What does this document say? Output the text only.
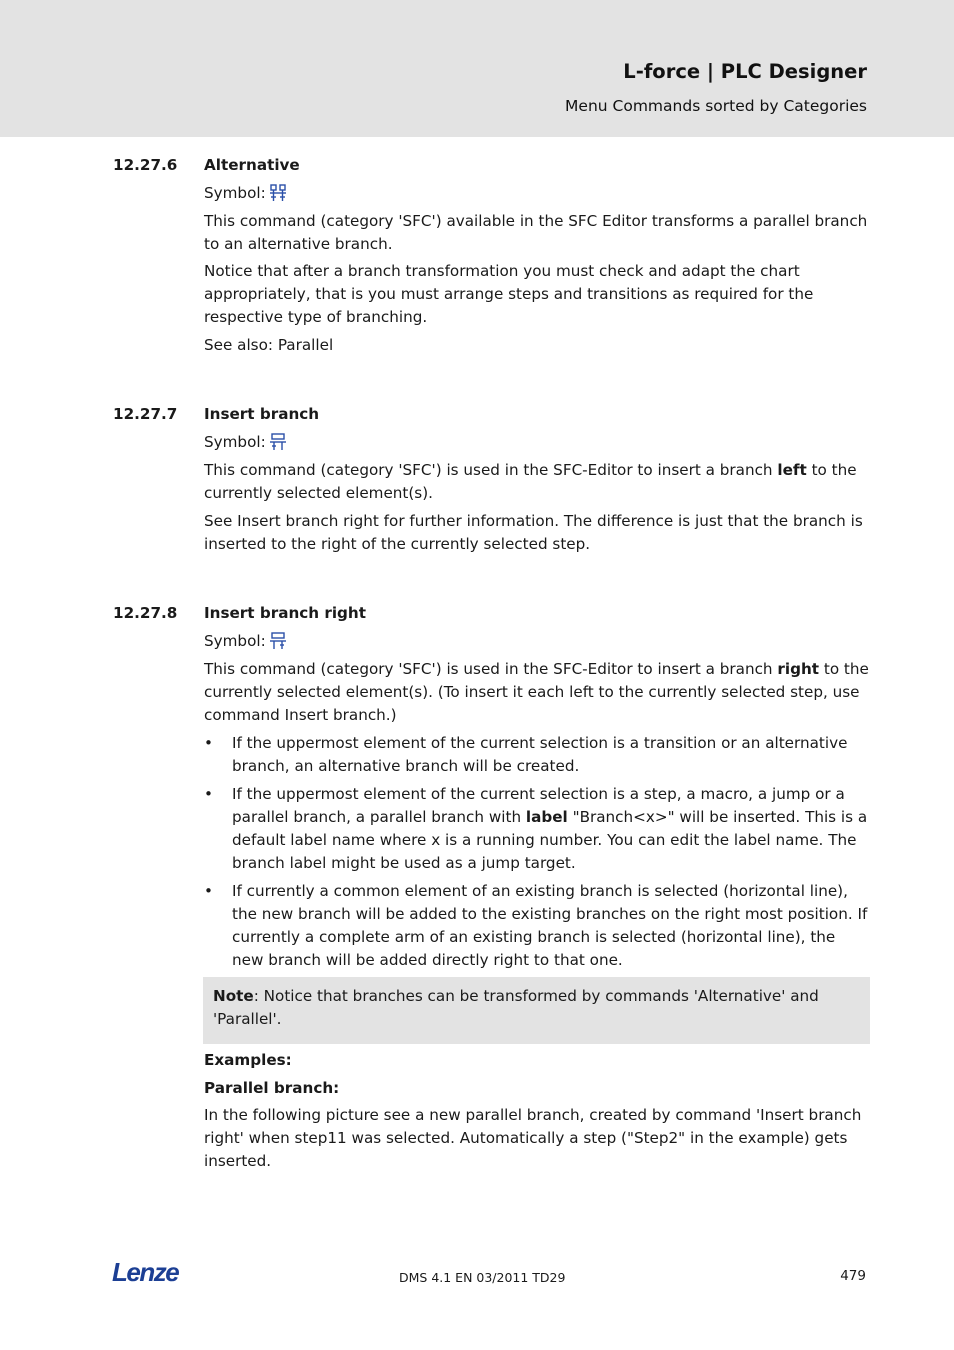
L-force | PLC Designer
Menu Commands sorted by Categories
12.27.6 Alternative
Symbol:

This command (category 'SFC') available in the SFC Editor transforms a parallel branch to an alternative branch.

Notice that after a branch transformation you must check and adapt the chart appropriately, that is you must arrange steps and transitions as required for the respective type of branching.

See also: Parallel

12.27.7 Insert branch
Symbol:

This command (category 'SFC') is used in the SFC-Editor to insert a branch left to the currently selected element(s).

See Insert branch right for further information. The difference is just that the branch is inserted to the right of the currently selected step.

12.27.8 Insert branch right
Symbol:

This command (category 'SFC') is used in the SFC-Editor to insert a branch right to the currently selected element(s). (To insert it each left to the currently selected step, use command Insert branch.)

• If the uppermost element of the current selection is a transition or an alternative branch, an alternative branch will be created.
• If the uppermost element of the current selection is a step, a macro, a jump or a parallel branch, a parallel branch with label "Branch<x>" will be inserted. This is a default label name where x is a running number. You can edit the label name. The branch label might be used as a jump target.
• If currently a common element of an existing branch is selected (horizontal line), the new branch will be added to the existing branches on the right most position. If currently a complete arm of an existing branch is selected (horizontal line), the new branch will be added directly right to that one.
Note: Notice that branches can be transformed by commands 'Alternative' and 'Parallel'.

Examples:

Parallel branch:

In the following picture see a new parallel branch, created by command 'Insert branch right' when step11 was selected. Automatically a step ("Step2" in the example) gets inserted.

Lenze	DMS 4.1 EN 03/2011 TD29	479
